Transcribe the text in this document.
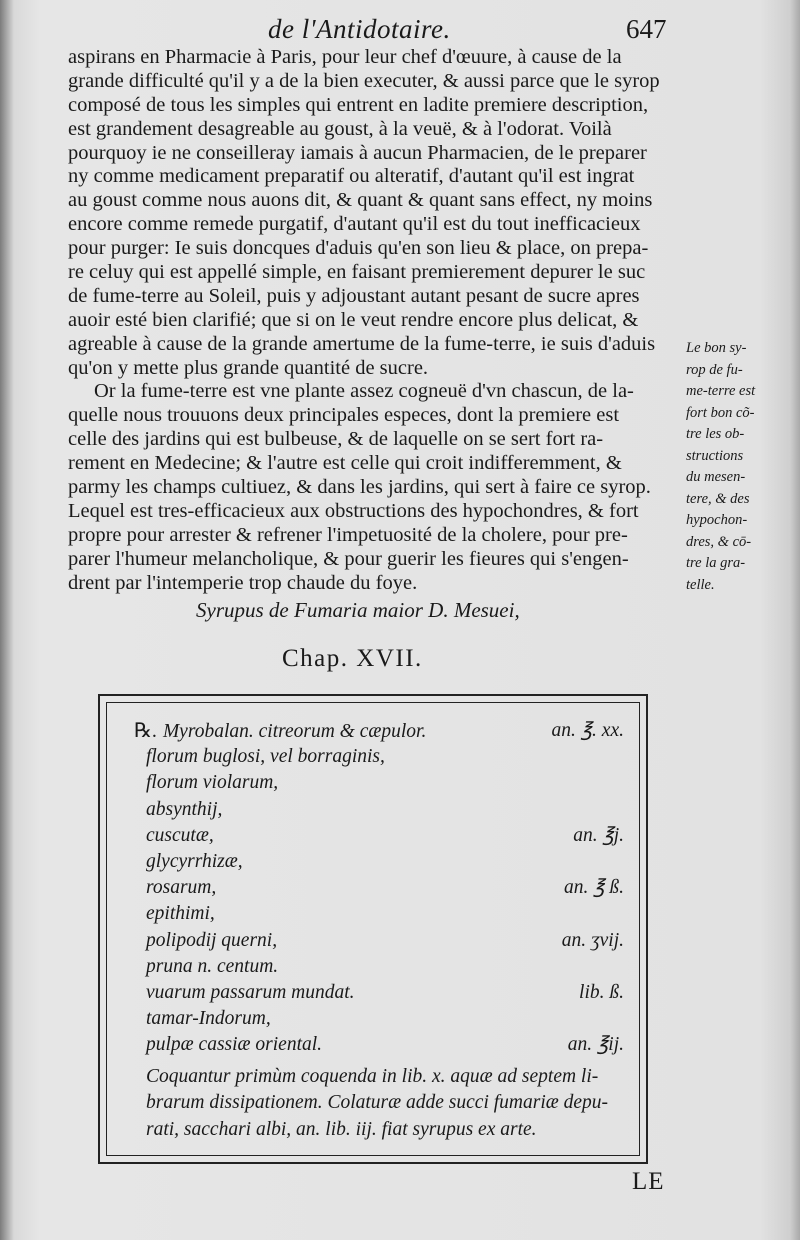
de l'Antidotaire.	647
aspirans en Pharmacie à Paris, pour leur chef d'œuure, à cause de la
grande difficulté qu'il y a de la bien executer, & aussi parce que le syrop
composé de tous les simples qui entrent en ladite premiere description,
est grandement desagreable au goust, à la veuë, & à l'odorat. Voilà
pourquoy ie ne conseilleray iamais à aucun Pharmacien, de le preparer
ny comme medicament preparatif ou alteratif, d'autant qu'il est ingrat
au goust comme nous auons dit, & quant & quant sans effect, ny moins
encore comme remede purgatif, d'autant qu'il est du tout inefficacieux
pour purger: Ie suis doncques d'aduis qu'en son lieu & place, on prepa-
re celuy qui est appellé simple, en faisant premierement depurer le suc
de fume-terre au Soleil, puis y adjoustant autant pesant de sucre apres
auoir esté bien clarifié; que si on le veut rendre encore plus delicat, &
agreable à cause de la grande amertume de la fume-terre, ie suis d'aduis
qu'on y mette plus grande quantité de sucre.
Or la fume-terre est vne plante assez cogneuë d'vn chascun, de la-
quelle nous trouuons deux principales especes, dont la premiere est
celle des jardins qui est bulbeuse, & de laquelle on se sert fort ra-
rement en Medecine; & l'autre est celle qui croit indifferemment, &
parmy les champs cultiuez, & dans les jardins, qui sert à faire ce syrop.
Lequel est tres-efficacieux aux obstructions des hypochondres, & fort
propre pour arrester & refrener l'impetuosité de la cholere, pour pre-
parer l'humeur melancholique, & pour guerir les fieures qui s'engen-
drent par l'intemperie trop chaude du foye.
Le bon sy-
rop de fu-
me-terre est
fort bon cõ-
tre les ob-
structions
du mesen-
tere, & des
hypochon-
dres, & cō-
tre la gra-
telle.
Syrupus de Fumaria maior D. Mesuei,
Chap. XVII.
℞. Myrobalan. citreorum & cæpulor.	an. ℥. xx.
florum buglosi, vel borraginis,
florum violarum,
absynthij,
cuscutæ,	an. ℥j.
glycyrrhizæ,
rosarum,	an. ℥ ß.
epithimi,
polipodij querni,	an. ʒvij.
pruna n. centum.
vuarum passarum mundat.	lib. ß.
tamar-Indorum,
pulpæ cassiæ oriental.	an. ℥ij.
Coquantur primùm coquenda in lib. x. aquæ ad septem li-
brarum dissipationem. Colaturæ adde succi fumariæ depu-
rati, sacchari albi, an. lib. iij. fiat syrupus ex arte.
LE
